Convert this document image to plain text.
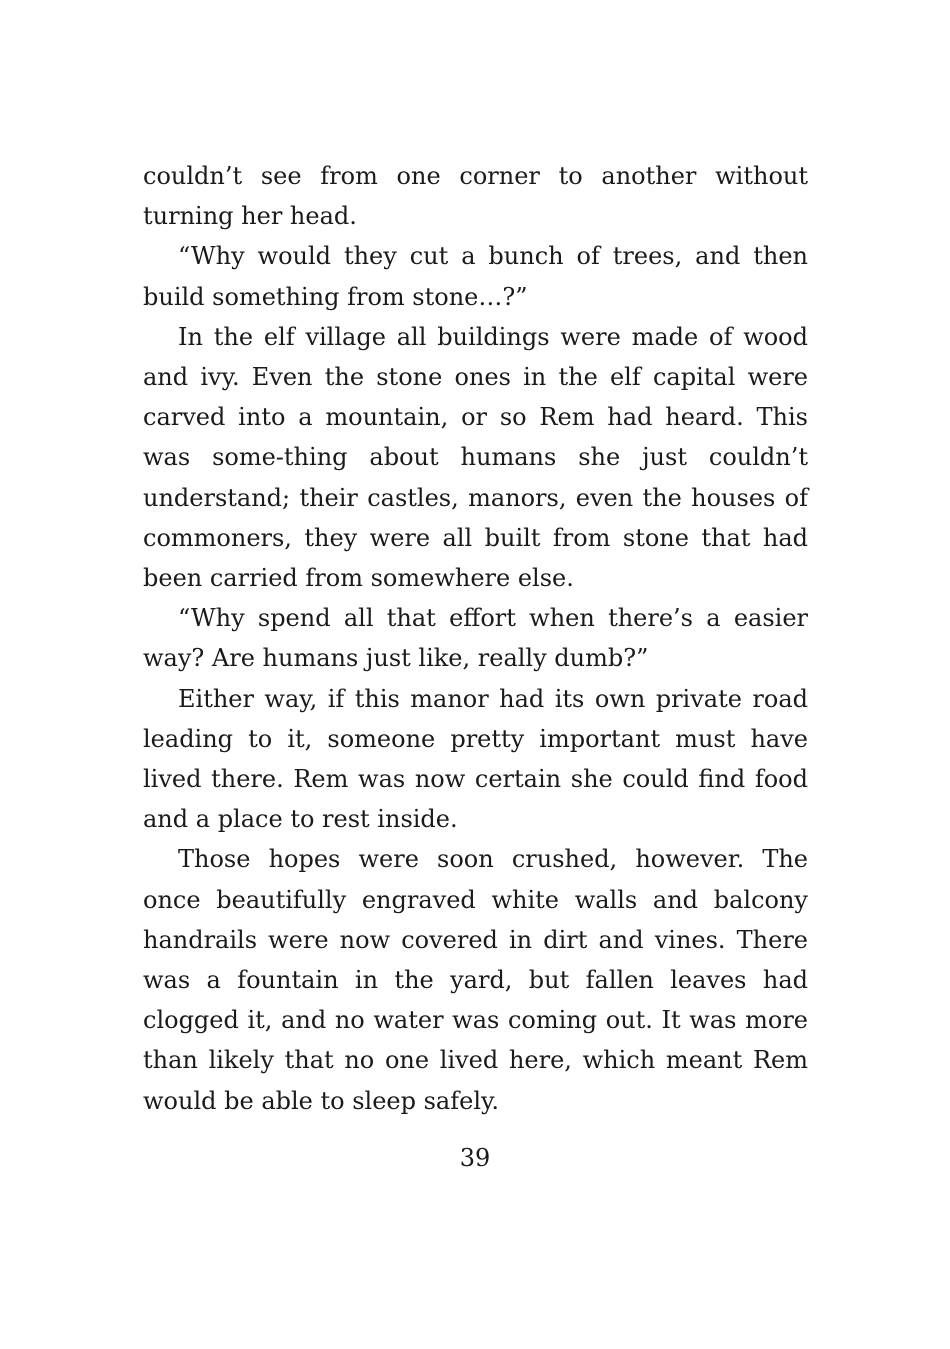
couldn’t see from one corner to another without turning her head.

“Why would they cut a bunch of trees, and then build something from stone…?”

In the elf village all buildings were made of wood and ivy. Even the stone ones in the elf capital were carved into a mountain, or so Rem had heard. This was some-thing about humans she just couldn’t understand; their castles, manors, even the houses of commoners, they were all built from stone that had been carried from somewhere else.

“Why spend all that effort when there’s a easier way? Are humans just like, really dumb?”

Either way, if this manor had its own private road leading to it, someone pretty important must have lived there. Rem was now certain she could find food and a place to rest inside.

Those hopes were soon crushed, however. The once beautifully engraved white walls and balcony handrails were now covered in dirt and vines. There was a fountain in the yard, but fallen leaves had clogged it, and no water was coming out. It was more than likely that no one lived here, which meant Rem would be able to sleep safely.

39
